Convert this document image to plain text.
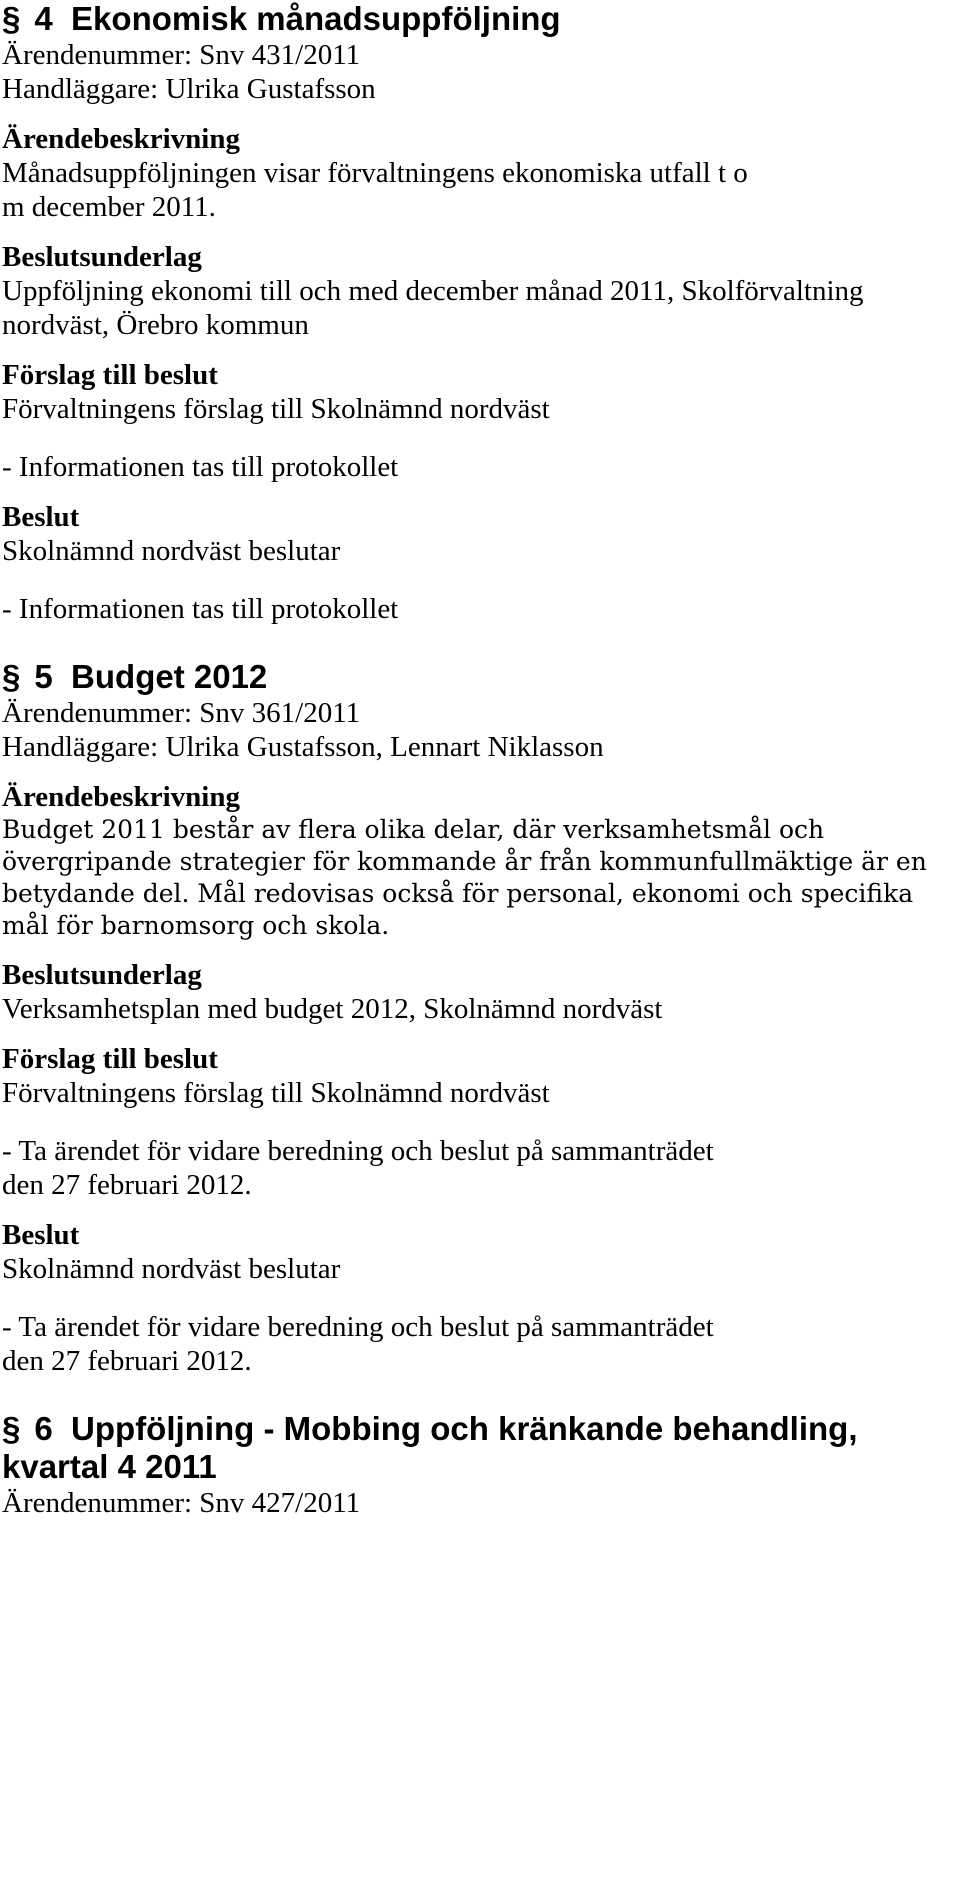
§ 4  Ekonomisk månadsuppföljning

Ärendenummer: Snv 431/2011

Handläggare: Ulrika Gustafsson

Ärendebeskrivning

Månadsuppföljningen visar förvaltningens ekonomiska utfall t o m december 2011.

Beslutsunderlag

Uppföljning ekonomi till och med december månad 2011, Skolförvaltning nordväst, Örebro kommun

Förslag till beslut

Förvaltningens förslag till Skolnämnd nordväst

- Informationen tas till protokollet

Beslut

Skolnämnd nordväst beslutar

- Informationen tas till protokollet

§ 5  Budget 2012

Ärendenummer: Snv 361/2011

Handläggare: Ulrika Gustafsson, Lennart Niklasson

Ärendebeskrivning

Budget 2011 består av flera olika delar, där verksamhetsmål och övergripande strategier för kommande år från kommunfullmäktige är en betydande del. Mål redovisas också för personal, ekonomi och specifika mål för barnomsorg och skola.

Beslutsunderlag

Verksamhetsplan med budget 2012, Skolnämnd nordväst

Förslag till beslut

Förvaltningens förslag till Skolnämnd nordväst

- Ta ärendet för vidare beredning och beslut på sammanträdet

den 27 februari 2012.

Beslut

Skolnämnd nordväst beslutar

- Ta ärendet för vidare beredning och beslut på sammanträdet

den 27 februari 2012.

§ 6  Uppföljning - Mobbing och kränkande behandling,
kvartal 4 2011

Ärendenummer: Snv 427/2011
